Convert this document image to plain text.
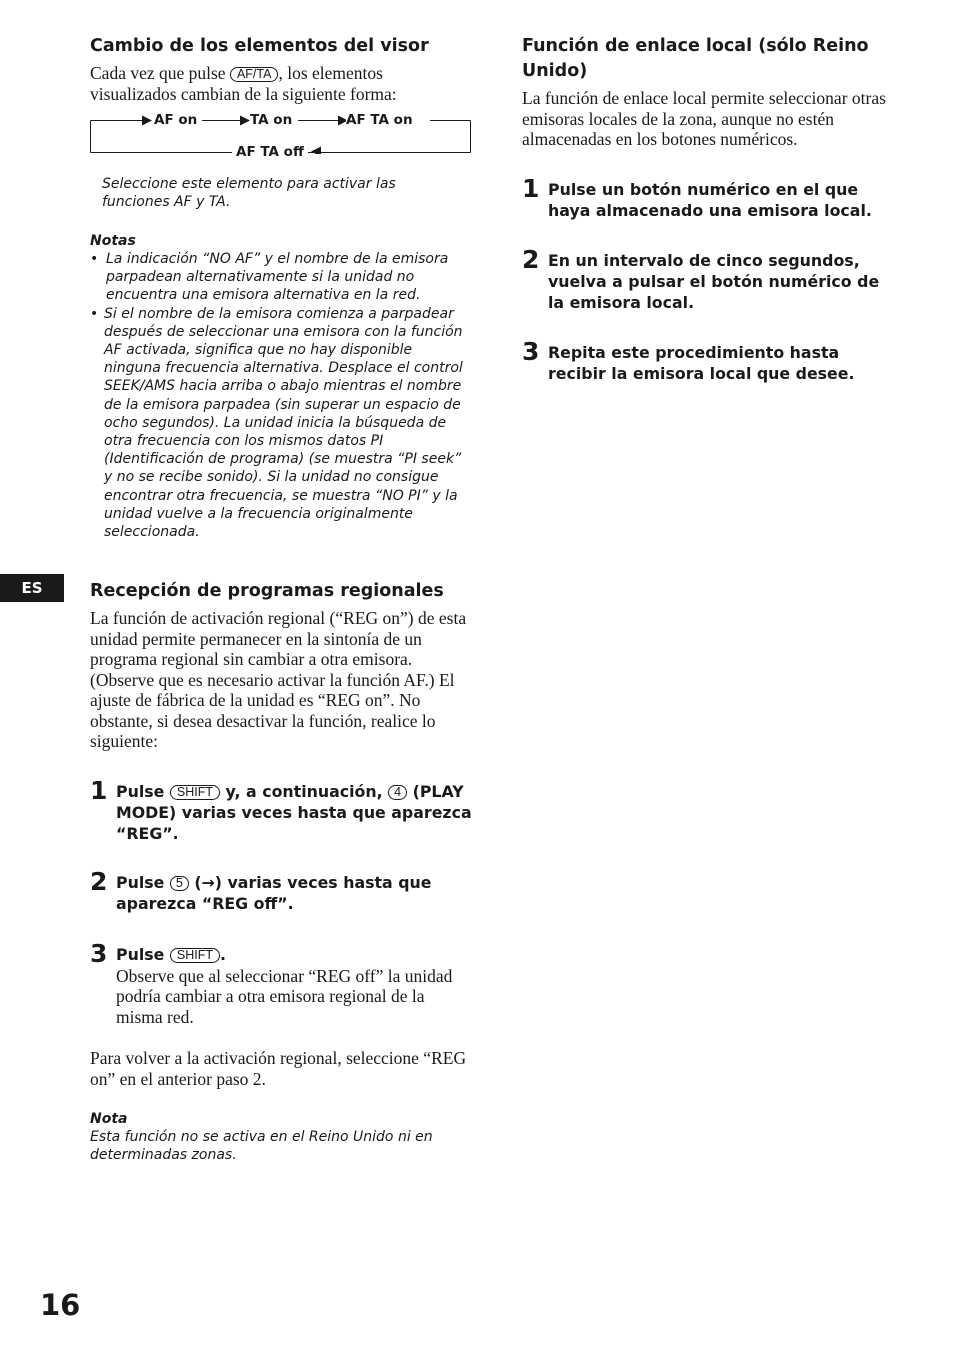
Cambio de los elementos del visor

Cada vez que pulse AF/TA , los elementos visualizados cambian de la siguiente forma:

AF on	TA on	AF TA on
AF TA off

Seleccione este elemento para activar las funciones AF y TA.

Notas

• La indicación “NO AF” y el nombre de la emisora parpadean alternativamente si la unidad no encuentra una emisora alternativa en la red.

• Si el nombre de la emisora comienza a parpadear después de seleccionar una emisora con la función AF activada, significa que no hay disponible ninguna frecuencia alternativa. Desplace el control SEEK/AMS hacia arriba o abajo mientras el nombre de la emisora parpadea (sin superar un espacio de ocho segundos). La unidad inicia la búsqueda de otra frecuencia con los mismos datos PI (Identificación de programa) (se muestra “PI seek” y no se recibe sonido). Si la unidad no consigue encontrar otra frecuencia, se muestra “NO PI” y la unidad vuelve a la frecuencia originalmente seleccionada.

Recepción de programas regionales

La función de activación regional (“REG on”) de esta unidad permite permanecer en la sintonía de un programa regional sin cambiar a otra emisora. (Observe que es necesario activar la función AF.) El ajuste de fábrica de la unidad es “REG on”. No obstante, si desea desactivar la función, realice lo siguiente:

1 Pulse SHIFT y, a continuación, 4 (PLAY MODE) varias veces hasta que aparezca “REG”.

2 Pulse 5 (→) varias veces hasta que aparezca “REG off”.

3 Pulse SHIFT .
Observe que al seleccionar “REG off” la unidad podría cambiar a otra emisora regional de la misma red.

Para volver a la activación regional, seleccione “REG on” en el anterior paso 2.

Nota

Esta función no se activa en el Reino Unido ni en determinadas zonas.

Función de enlace local (sólo Reino Unido)

La función de enlace local permite seleccionar otras emisoras locales de la zona, aunque no estén almacenadas en los botones numéricos.

1 Pulse un botón numérico en el que haya almacenado una emisora local.

2 En un intervalo de cinco segundos, vuelva a pulsar el botón numérico de la emisora local.

3 Repita este procedimiento hasta recibir la emisora local que desee.

ES
16
